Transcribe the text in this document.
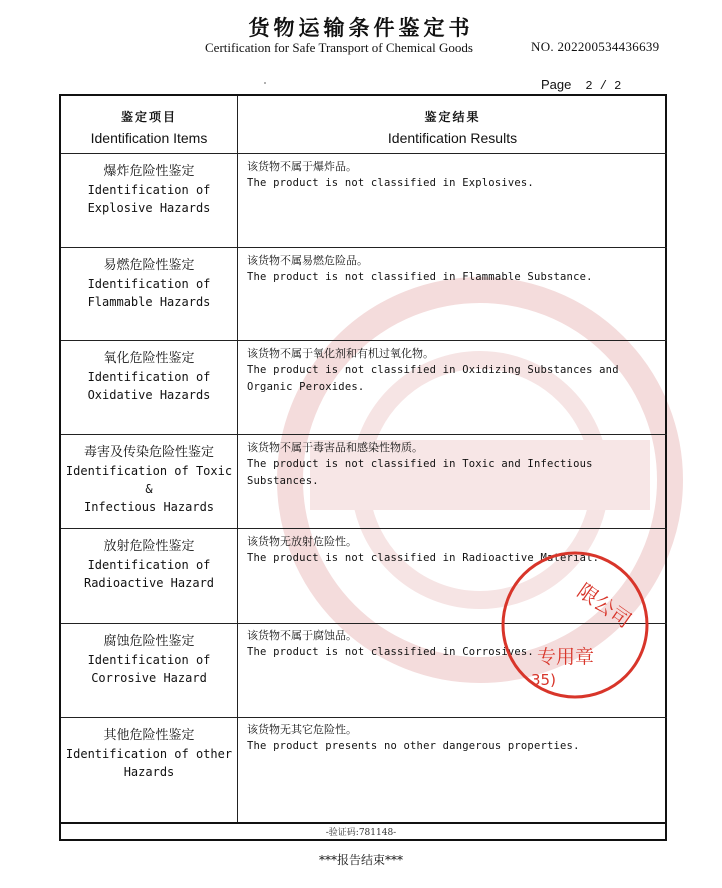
货物运输条件鉴定书
Certification for Safe Transport of Chemical Goods	NO. 202200534436639
Page 2 / 2
鉴定项目
Identification Items
鉴定结果
Identification Results
爆炸危险性鉴定
Identification of
Explosive Hazards
该货物不属于爆炸品。
The product is not classified in Explosives.
易燃危险性鉴定
Identification of
Flammable Hazards
该货物不属易燃危险品。
The product is not classified in Flammable Substance.
氧化危险性鉴定
Identification of
Oxidative Hazards
该货物不属于氧化剂和有机过氧化物。
The product is not classified in Oxidizing Substances and Organic Peroxides.
毒害及传染危险性鉴定
Identification of Toxic &
Infectious Hazards
该货物不属于毒害品和感染性物质。
The product is not classified in Toxic and Infectious Substances.
放射危险性鉴定
Identification of
Radioactive Hazard
该货物无放射危险性。
The product is not classified in Radioactive Material.
腐蚀危险性鉴定
Identification of
Corrosive Hazard
该货物不属于腐蚀品。
The product is not classified in Corrosives.
其他危险性鉴定
Identification of other
Hazards
该货物无其它危险性。
The product presents no other dangerous properties.
限公司
专用章
35)
-验证码:781148-
***报告结束***
